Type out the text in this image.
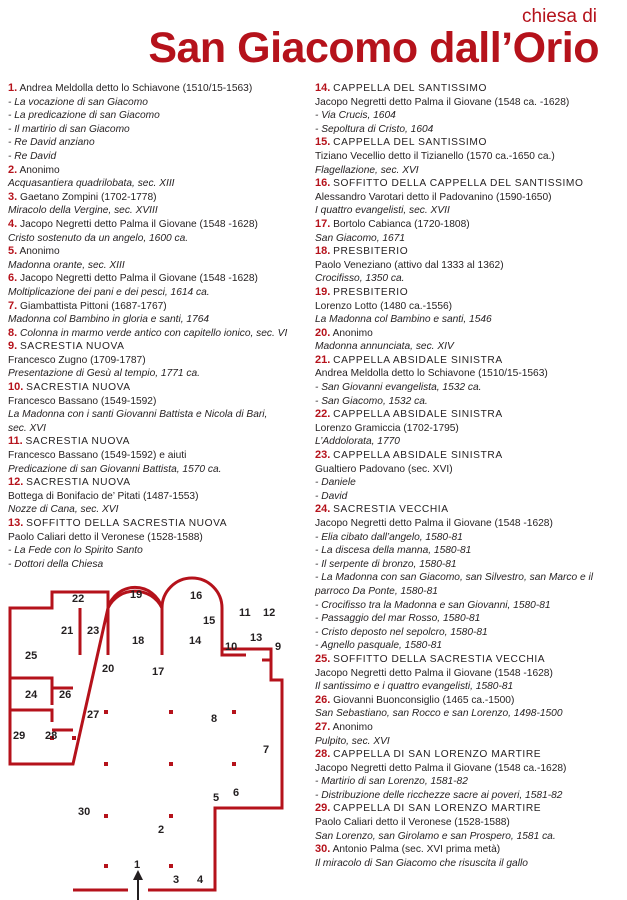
chiesa di
San Giacomo dall’Orio
1. Andrea Meldolla detto lo Schiavone (1510/15-1563)
- La vocazione di san Giacomo
- La predicazione di san Giacomo
- Il martirio di san Giacomo
- Re David anziano
- Re David
2. Anonimo
Acquasantiera quadrilobata, sec. XIII
3. Gaetano Zompini (1702-1778)
Miracolo della Vergine, sec. XVIII
4. Jacopo Negretti detto Palma il Giovane (1548 -1628)
Cristo sostenuto da un angelo, 1600 ca.
5. Anonimo
Madonna orante, sec. XIII
6. Jacopo Negretti detto Palma il Giovane (1548 -1628)
Moltiplicazione dei pani e dei pesci, 1614 ca.
7. Giambattista Pittoni (1687-1767)
Madonna col Bambino in gloria e santi, 1764
8. Colonna in marmo verde antico con capitello ionico, sec. VI
9. SACRESTIA NUOVA
Francesco Zugno (1709-1787)
Presentazione di Gesù al tempio, 1771 ca.
10. SACRESTIA NUOVA
Francesco Bassano (1549-1592)
La Madonna con i santi Giovanni Battista e Nicola di Bari,
sec. XVI
11. SACRESTIA NUOVA
Francesco Bassano (1549-1592) e aiuti
Predicazione di san Giovanni Battista, 1570 ca.
12. SACRESTIA NUOVA
Bottega di Bonifacio de’ Pitati (1487-1553)
Nozze di Cana, sec. XVI
13. SOFFITTO DELLA SACRESTIA NUOVA
Paolo Caliari detto il Veronese (1528-1588)
- La Fede con lo Spirito Santo
- Dottori della Chiesa
14. CAPPELLA DEL SANTISSIMO
Jacopo Negretti detto Palma il Giovane (1548 ca. -1628)
- Via Crucis, 1604
- Sepoltura di Cristo, 1604
15. CAPPELLA DEL SANTISSIMO
Tiziano Vecellio detto il Tizianello (1570 ca.-1650 ca.)
Flagellazione, sec. XVI
16. SOFFITTO DELLA CAPPELLA DEL SANTISSIMO
Alessandro Varotari detto il Padovanino (1590-1650)
I quattro evangelisti, sec. XVII
17. Bortolo Cabianca (1720-1808)
San Giacomo, 1671
18. PRESBITERIO
Paolo Veneziano (attivo dal 1333 al 1362)
Crocifisso, 1350 ca.
19. PRESBITERIO
Lorenzo Lotto (1480 ca.-1556)
La Madonna col Bambino e santi, 1546
20. Anonimo
Madonna annunciata, sec. XIV
21. CAPPELLA ABSIDALE SINISTRA
Andrea Meldolla detto lo Schiavone (1510/15-1563)
- San Giovanni evangelista, 1532 ca.
- San Giacomo, 1532 ca.
22. CAPPELLA ABSIDALE SINISTRA
Lorenzo Gramiccia (1702-1795)
L’Addolorata, 1770
23. CAPPELLA ABSIDALE SINISTRA
Gualtiero Padovano (sec. XVI)
- Daniele
- David
24. SACRESTIA VECCHIA
Jacopo Negretti detto Palma il Giovane (1548 -1628)
- Elia cibato dall’angelo, 1580-81
- La discesa della manna, 1580-81
- Il serpente di bronzo, 1580-81
- La Madonna con san Giacomo, san Silvestro, san Marco e il
parroco Da Ponte, 1580-81
- Crocifisso tra la Madonna e san Giovanni, 1580-81
- Passaggio del mar Rosso, 1580-81
- Cristo deposto nel sepolcro, 1580-81
- Agnello pasquale, 1580-81
25. SOFFITTO DELLA SACRESTIA VECCHIA
Jacopo Negretti detto Palma il Giovane (1548 -1628)
Il santissimo e i quattro evangelisti, 1580-81
26. Giovanni Buonconsiglio (1465 ca.-1500)
San Sebastiano, san Rocco e san Lorenzo, 1498-1500
27. Anonimo
Pulpito, sec. XVI
28. CAPPELLA DI SAN LORENZO MARTIRE
Jacopo Negretti detto Palma il Giovane (1548 ca.-1628)
- Martirio di san Lorenzo, 1581-82
- Distribuzione delle ricchezze sacre ai poveri, 1581-82
29. CAPPELLA DI SAN LORENZO MARTIRE
Paolo Caliari detto il Veronese (1528-1588)
San Lorenzo, san Girolamo e san Prospero, 1581 ca.
30. Antonio Palma (sec. XVI prima metà)
Il miracolo di San Giacomo che risuscita il gallo
1
2
3 4
5 6
7
8
9
10
11 12
13
14
15
16
17
18
19
20
21
22
23
24
25
26
27
28
29
30
